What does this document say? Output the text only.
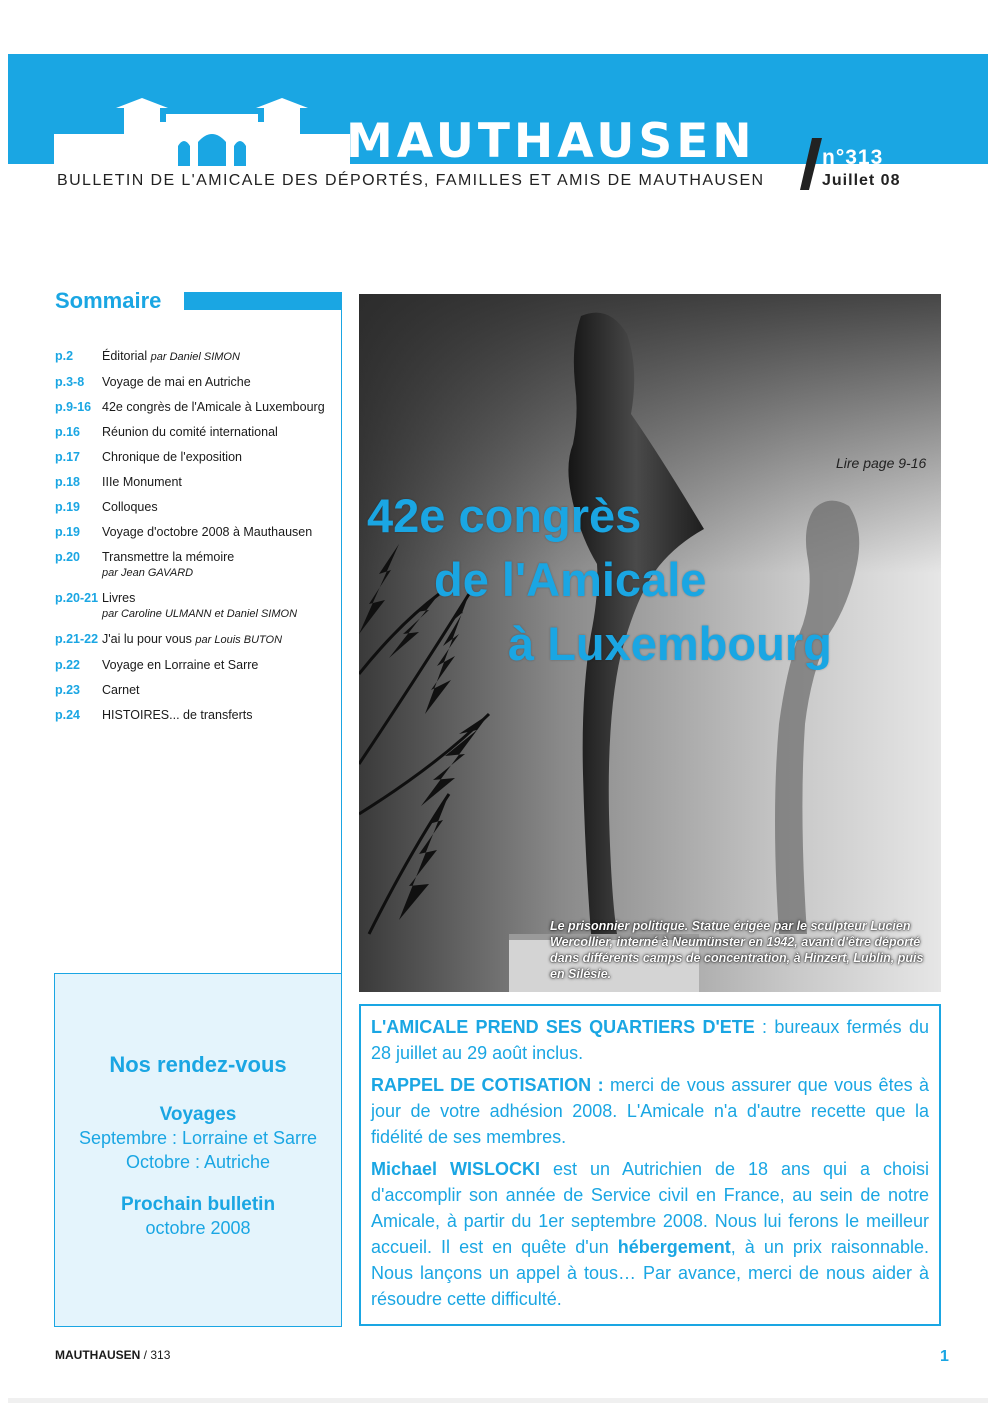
MAUTHAUSEN	n°313
BULLETIN DE L'AMICALE DES DÉPORTÉS, FAMILLES ET AMIS DE MAUTHAUSEN	Juillet 08
Sommaire
p.2	Éditorial par Daniel SIMON
p.3-8	Voyage de mai en Autriche
p.9-16 42e congrès de l'Amicale à Luxembourg
p.16	Réunion du comité international
p.17	Chronique de l'exposition
p.18	IIIe Monument
p.19	Colloques
p.19	Voyage d'octobre 2008 à Mauthausen
p.20	Transmettre la mémoire
par Jean GAVARD
p.20-21 Livres
par Caroline ULMANN et Daniel SIMON
p.21-22 J'ai lu pour vous par Louis BUTON
p.22	Voyage en Lorraine et Sarre
p.23	Carnet
p.24	HISTOIRES... de transferts
Nos rendez-vous
Voyages
Septembre : Lorraine et Sarre
Octobre : Autriche
Prochain bulletin
octobre 2008
Lire page 9-16
42e congrès
de l'Amicale
à Luxembourg
Le prisonnier politique. Statue érigée par le sculpteur Lucien Wercollier, interné à Neumünster en 1942, avant d'être déporté dans différents camps de concentration, à Hinzert, Lublin, puis en Silésie.

L'AMICALE PREND SES QUARTIERS D'ETE : bureaux fermés du 28 juillet au 29 août inclus.

RAPPEL DE COTISATION : merci de vous assurer que vous êtes à jour de votre adhésion 2008. L'Amicale n'a d'autre recette que la fidélité de ses membres.

Michael WISLOCKI est un Autrichien de 18 ans qui a choisi d'accomplir son année de Service civil en France, au sein de notre Amicale, à partir du 1er septembre 2008. Nous lui ferons le meilleur accueil. Il est en quête d'un hébergement, à un prix raisonnable. Nous lançons un appel à tous… Par avance, merci de nous aider à résoudre cette difficulté.

MAUTHAUSEN / 313	1
